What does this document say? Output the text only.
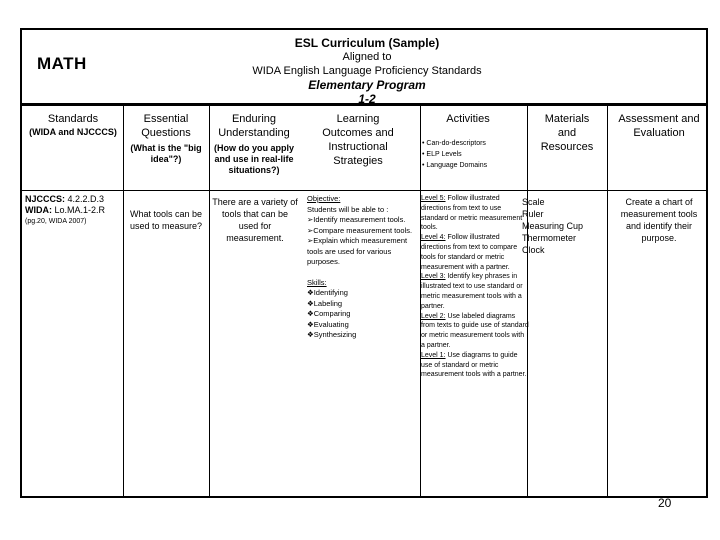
MATH
ESL Curriculum (Sample)
Aligned to
WIDA English Language Proficiency Standards
Elementary Program
1-2
Standards
(WIDA and NJCCCS)
Essential Questions
(What is the "big idea"?)
Enduring Understanding
(How do you apply and use in real-life situations?)
Learning Outcomes and Instructional Strategies
Activities
• Can-do-descriptors
• ELP Levels
• Language Domains
Materials and Resources
Assessment and Evaluation
NJCCCS: 4.2.2.D.3
WIDA: Lo.MA.1-2.R
(pg.20, WIDA 2007)
What tools can be used to measure?
There are a variety of tools that can be used for measurement.
Objective:
Students will be able to :
➢Identify measurement tools.
➢Compare measurement tools.
➢Explain which measurement tools are used for various purposes.
Skills:
❖Identifying
❖Labeling
❖Comparing
❖Evaluating
❖Synthesizing
Level 5: Follow illustrated directions from text to use standard or metric measurement tools.
Level 4: Follow illustrated directions from text to compare tools for standard or metric measurement with a partner.
Level 3: Identify key phrases in illustrated text to use standard or metric measurement tools with a partner.
Level 2: Use labeled diagrams from texts to guide use of standard or metric measurement tools with a partner.
Level 1: Use diagrams to guide use of standard or metric measurement tools with a partner.
Scale
Ruler
Measuring Cup
Thermometer
Clock
Create a chart of measurement tools and identify their purpose.
20
